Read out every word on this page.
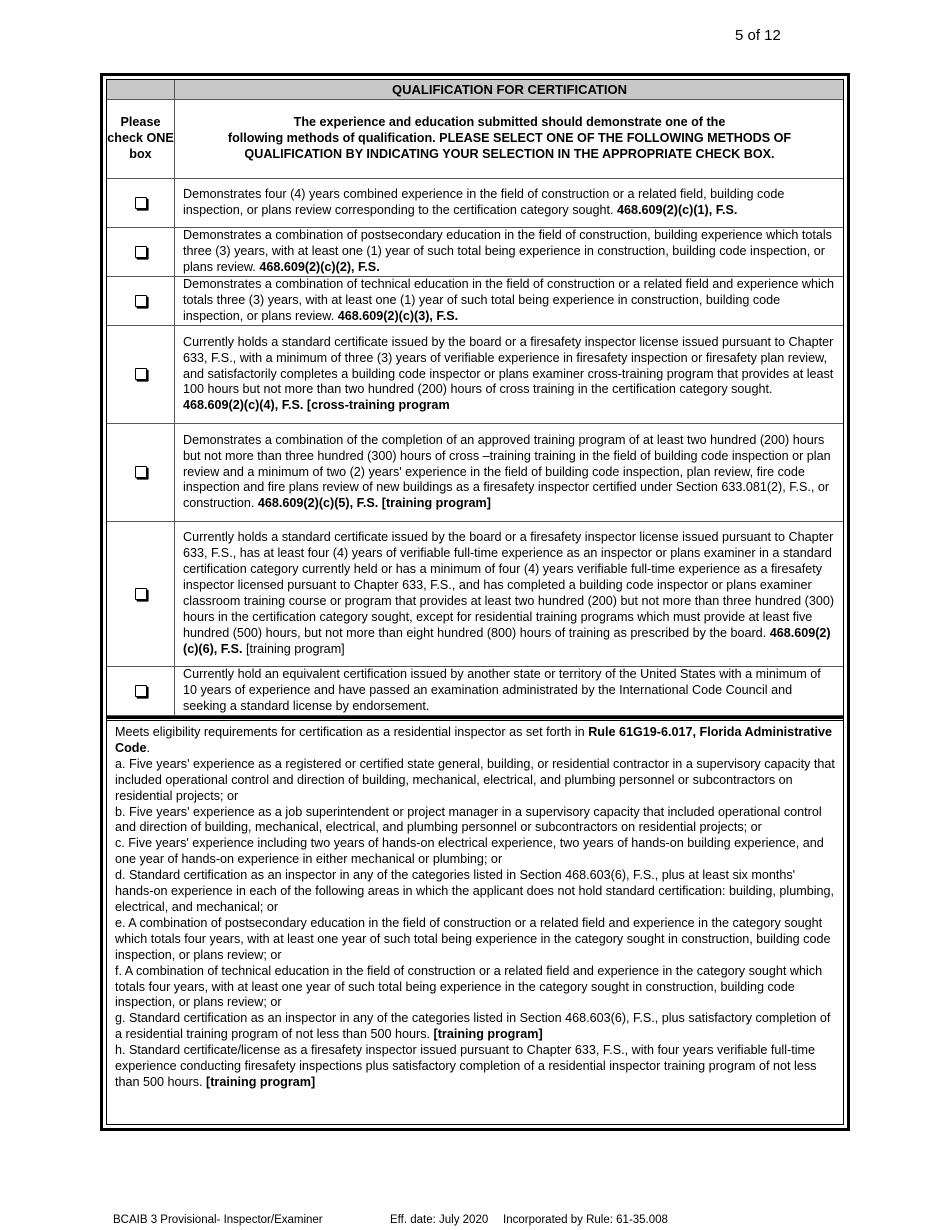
5 of 12
	QUALIFICATION FOR CERTIFICATION
Please check ONE box	The experience and education submitted should demonstrate one of the
following methods of qualification. PLEASE SELECT ONE OF THE FOLLOWING METHODS OF QUALIFICATION BY INDICATING YOUR SELECTION IN THE APPROPRIATE CHECK BOX.

	Demonstrates four (4) years combined experience in the field of construction or a related field, building code inspection, or plans review corresponding to the certification category sought. 468.609(2)(c)(1), F.S.
	Demonstrates a combination of postsecondary education in the field of construction, building experience which totals three (3) years, with at least one (1) year of such total being experience in construction, building code inspection, or plans review. 468.609(2)(c)(2), F.S.
	Demonstrates a combination of technical education in the field of construction or a related field and experience which totals three (3) years, with at least one (1) year of such total being experience in construction, building code inspection, or plans review. 468.609(2)(c)(3), F.S.
	Currently holds a standard certificate issued by the board or a firesafety inspector license issued pursuant to Chapter 633, F.S., with a minimum of three (3) years of verifiable experience in firesafety inspection or firesafety plan review, and satisfactorily completes a building code inspector or plans examiner cross-training program that provides at least 100 hours but not more than two hundred (200) hours of cross training in the certification category sought. 468.609(2)(c)(4), F.S. [cross-training program
	Demonstrates a combination of the completion of an approved training program of at least two hundred (200) hours but not more than three hundred (300) hours of cross –training training in the field of building code inspection or plan review and a minimum of two (2) years' experience in the field of building code inspection, plan review, fire code inspection and fire plans review of new buildings as a firesafety inspector certified under Section 633.081(2), F.S., or construction. 468.609(2)(c)(5), F.S. [training program]
	Currently holds a standard certificate issued by the board or a firesafety inspector license issued pursuant to Chapter 633, F.S., has at least four (4) years of verifiable full-time experience as an inspector or plans examiner in a standard certification category currently held or has a minimum of four (4) years verifiable full-time experience as a firesafety inspector licensed pursuant to Chapter 633, F.S., and has completed a building code inspector or plans examiner classroom training course or program that provides at least two hundred (200) but not more than three hundred (300) hours in the certification category sought, except for residential training programs which must provide at least five hundred (500) hours, but not more than eight hundred (800) hours of training as prescribed by the board. 468.609(2)(c)(6), F.S. [training program]
	Currently hold an equivalent certification issued by another state or territory of the United States with a minimum of 10 years of experience and have passed an examination administrated by the International Code Council and seeking a standard license by endorsement.

Meets eligibility requirements for certification as a residential inspector as set forth in Rule 61G19-6.017, Florida Administrative Code.

a. Five years' experience as a registered or certified state general, building, or residential contractor in a supervisory capacity that included operational control and direction of building, mechanical, electrical, and plumbing personnel or subcontractors on residential projects; or

b. Five years' experience as a job superintendent or project manager in a supervisory capacity that included operational control and direction of building, mechanical, electrical, and plumbing personnel or subcontractors on residential projects; or

c. Five years' experience including two years of hands-on electrical experience, two years of hands-on building experience, and one year of hands-on experience in either mechanical or plumbing; or

d. Standard certification as an inspector in any of the categories listed in Section 468.603(6), F.S., plus at least six months' hands-on experience in each of the following areas in which the applicant does not hold standard certification: building, plumbing, electrical, and mechanical; or

e. A combination of postsecondary education in the field of construction or a related field and experience in the category sought which totals four years, with at least one year of such total being experience in the category sought in construction, building code inspection, or plans review; or

f. A combination of technical education in the field of construction or a related field and experience in the category sought which totals four years, with at least one year of such total being experience in the category sought in construction, building code inspection, or plans review; or

g. Standard certification as an inspector in any of the categories listed in Section 468.603(6), F.S., plus satisfactory completion of a residential training program of not less than 500 hours. [training program]

h. Standard certificate/license as a firesafety inspector issued pursuant to Chapter 633, F.S., with four years verifiable full-time experience conducting firesafety inspections plus satisfactory completion of a residential inspector training program of not less than 500 hours. [training program]

BCAIB 3 Provisional- Inspector/Examiner	Eff. date: July 2020 Incorporated by Rule: 61-35.008
